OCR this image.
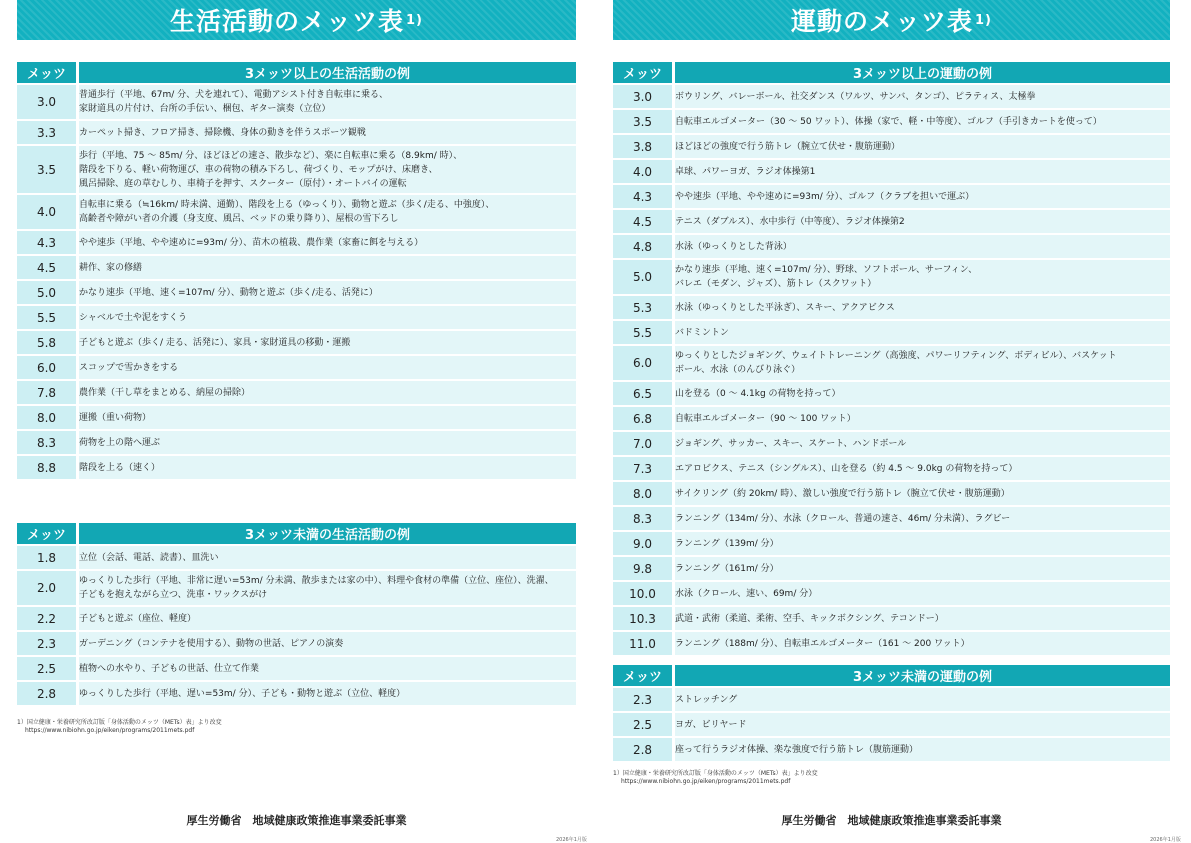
生活活動のメッツ表 1)
メッツ	3メッツ以上の生活活動の例
3.0	普通歩行（平地、67m/ 分、犬を連れて）、電動アシスト付き自転車に乗る、
家財道具の片付け、台所の手伝い、梱包、ギター演奏（立位）

3.3	カーペット掃き、フロア掃き、掃除機、身体の動きを伴うスポーツ観戦

3.5	歩行（平地、75 ～ 85m/ 分、ほどほどの速さ、散歩など）、楽に自転車に乗る（8.9km/ 時）、
階段を下りる、軽い荷物運び、車の荷物の積み下ろし、荷づくり、モップがけ、床磨き、
風呂掃除、庭の草むしり、車椅子を押す、スクーター（原付）・オートバイの運転

4.0	自転車に乗る（≒16km/ 時未満、通勤）、階段を上る（ゆっくり）、動物と遊ぶ（歩く/走る、中強度）、
高齢者や障がい者の介護（身支度、風呂、ベッドの乗り降り）、屋根の雪下ろし

4.3	やや速歩（平地、やや速めに=93m/ 分）、苗木の植栽、農作業（家畜に餌を与える）

4.5	耕作、家の修繕

5.0	かなり速歩（平地、速く=107m/ 分）、動物と遊ぶ（歩く/走る、活発に）

5.5	シャベルで土や泥をすくう

5.8	子どもと遊ぶ（歩く/ 走る、活発に）、家具・家財道具の移動・運搬

6.0	スコップで雪かきをする

7.8	農作業（干し草をまとめる、納屋の掃除）

8.0	運搬（重い荷物）

8.3	荷物を上の階へ運ぶ

8.8	階段を上る（速く）
メッツ	3メッツ未満の生活活動の例
1.8	立位（会話、電話、読書）、皿洗い

2.0	ゆっくりした歩行（平地、非常に遅い=53m/ 分未満、散歩または家の中）、料理や食材の準備（立位、座位）、洗濯、
子どもを抱えながら立つ、洗車・ワックスがけ

2.2	子どもと遊ぶ（座位、軽度）

2.3	ガーデニング（コンテナを使用する）、動物の世話、ピアノの演奏

2.5	植物への水やり、子どもの世話、仕立て作業

2.8	ゆっくりした歩行（平地、遅い=53m/ 分）、子ども・動物と遊ぶ（立位、軽度）
1）国立健康・栄養研究所改訂版「身体活動のメッツ（METs）表」より改変
https://www.nibiohn.go.jp/eiken/programs/2011mets.pdf
厚生労働省　地域健康政策推進事業委託事業
2026年1月版
運動のメッツ表 1)
メッツ	3メッツ以上の運動の例
3.0	ボウリング、バレーボール、社交ダンス（ワルツ、サンバ、タンゴ）、ピラティス、太極拳

3.5	自転車エルゴメーター（30 ～ 50 ワット）、体操（家で、軽・中等度）、ゴルフ（手引きカートを使って）

3.8	ほどほどの強度で行う筋トレ（腕立て伏せ・腹筋運動）

4.0	卓球、パワーヨガ、ラジオ体操第1

4.3	やや速歩（平地、やや速めに=93m/ 分）、ゴルフ（クラブを担いで運ぶ）

4.5	テニス（ダブルス）、水中歩行（中等度）、ラジオ体操第2

4.8	水泳（ゆっくりとした背泳）

5.0	かなり速歩（平地、速く=107m/ 分）、野球、ソフトボール、サーフィン、
バレエ（モダン、ジャズ）、筋トレ（スクワット）

5.3	水泳（ゆっくりとした平泳ぎ）、スキー、アクアビクス

5.5	バドミントン

6.0	ゆっくりとしたジョギング、ウェイトトレーニング（高強度、パワーリフティング、ボディビル）、バスケット
ボール、水泳（のんびり泳ぐ）

6.5	山を登る（0 ～ 4.1kg の荷物を持って）

6.8	自転車エルゴメーター（90 ～ 100 ワット）

7.0	ジョギング、サッカー、スキー、スケート、ハンドボール

7.3	エアロビクス、テニス（シングルス）、山を登る（約 4.5 ～ 9.0kg の荷物を持って）

8.0	サイクリング（約 20km/ 時）、激しい強度で行う筋トレ（腕立て伏せ・腹筋運動）

8.3	ランニング（134m/ 分）、水泳（クロール、普通の速さ、46m/ 分未満）、ラグビー

9.0	ランニング（139m/ 分）

9.8	ランニング（161m/ 分）

10.0	水泳（クロール、速い、69m/ 分）

10.3	武道・武術（柔道、柔術、空手、キックボクシング、テコンドー）

11.0	ランニング（188m/ 分）、自転車エルゴメーター（161 ～ 200 ワット）
メッツ	3メッツ未満の運動の例
2.3	ストレッチング

2.5	ヨガ、ビリヤード

2.8	座って行うラジオ体操、楽な強度で行う筋トレ（腹筋運動）
1）国立健康・栄養研究所改訂版「身体活動のメッツ（METs）表」より改変
https://www.nibiohn.go.jp/eiken/programs/2011mets.pdf
厚生労働省　地域健康政策推進事業委託事業
2026年1月版
